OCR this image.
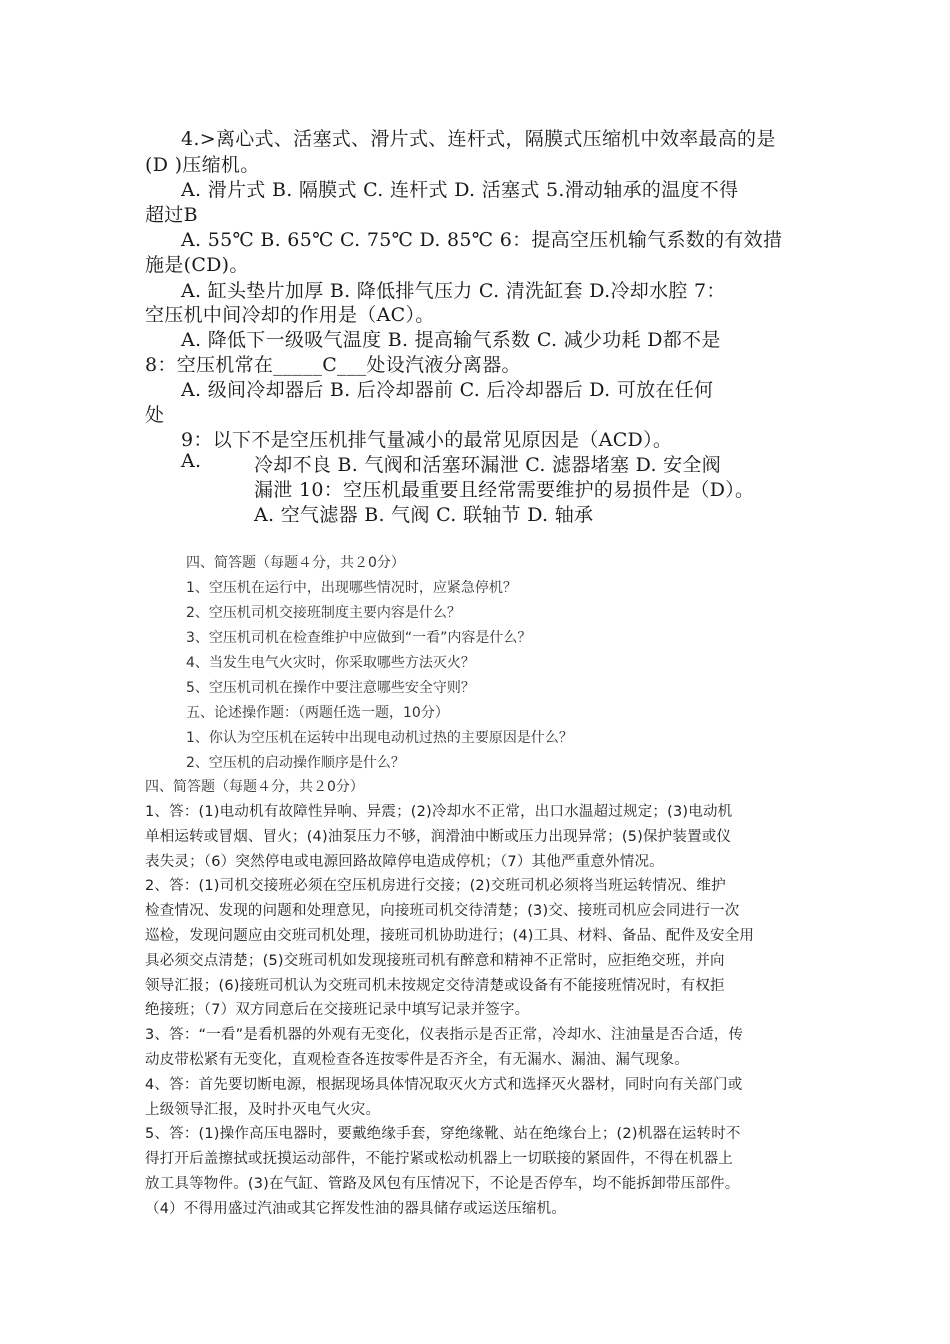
4.>离心式、活塞式、滑片式、连杆式，隔膜式压缩机中效率最高的是
(D )压缩机。
A. 滑片式 B. 隔膜式 C. 连杆式 D. 活塞式 5.滑动轴承的温度不得
超过B
A. 55℃ B. 65℃ C. 75℃ D. 85℃ 6：提高空压机输气系数的有效措
施是(CD)。
A. 缸头垫片加厚 B. 降低排气压力 C. 清洗缸套 D.冷却水腔 7：
空压机中间冷却的作用是（AC）。
A. 降低下一级吸气温度 B. 提高输气系数 C. 减少功耗 D都不是
8：空压机常在_____C___处设汽液分离器。
A. 级间冷却器后 B. 后冷却器前 C. 后冷却器后 D. 可放在任何
处
9：以下不是空压机排气量减小的最常见原因是（ACD）。
A.	冷却不良 B. 气阀和活塞环漏泄 C. 滤器堵塞 D. 安全阀
漏泄 10：空压机最重要且经常需要维护的易损件是（D）。
A. 空气滤器 B. 气阀 C. 联轴节 D. 轴承
四、简答题（每题４分，共２0分）
1、空压机在运行中，出现哪些情况时，应紧急停机？
2、空压机司机交接班制度主要内容是什么？
3、空压机司机在检查维护中应做到“一看”内容是什么？
4、当发生电气火灾时，你采取哪些方法灭火？
5、空压机司机在操作中要注意哪些安全守则？
五、论述操作题：（两题任选一题，10分）
1、你认为空压机在运转中出现电动机过热的主要原因是什么？
2、空压机的启动操作顺序是什么？
四、简答题（每题４分，共２0分）
1、答：(1)电动机有故障性异响、异震；(2)冷却水不正常，出口水温超过规定；(3)电动机
单相运转或冒烟、冒火；(4)油泵压力不够，润滑油中断或压力出现异常；(5)保护装置或仪
表失灵；（6）突然停电或电源回路故障停电造成停机；（7）其他严重意外情况。
2、答：(1)司机交接班必须在空压机房进行交接；(2)交班司机必须将当班运转情况、维护
检查情况、发现的问题和处理意见，向接班司机交待清楚；(3)交、接班司机应会同进行一次
巡检，发现问题应由交班司机处理，接班司机协助进行；(4)工具、材料、备品、配件及安全用
具必须交点清楚；(5)交班司机如发现接班司机有醉意和精神不正常时，应拒绝交班，并向
领导汇报；(6)接班司机认为交班司机未按规定交待清楚或设备有不能接班情况时，有权拒
绝接班；（7）双方同意后在交接班记录中填写记录并签字。
3、答：“一看”是看机器的外观有无变化，仪表指示是否正常，冷却水、注油量是否合适，传
动皮带松紧有无变化，直观检查各连按零件是否齐全，有无漏水、漏油、漏气现象。
4、答：首先要切断电源，根据现场具体情况取灭火方式和选择灭火器材，同时向有关部门或
上级领导汇报，及时扑灭电气火灾。
5、答：(1)操作高压电器时，要戴绝缘手套，穿绝缘靴、站在绝缘台上；(2)机器在运转时不
得打开后盖擦拭或抚摸运动部件，不能拧紧或松动机器上一切联接的紧固件，不得在机器上
放工具等物件。(3)在气缸、管路及风包有压情况下，不论是否停车，均不能拆卸带压部件。
（4）不得用盛过汽油或其它挥发性油的器具储存或运送压缩机。
